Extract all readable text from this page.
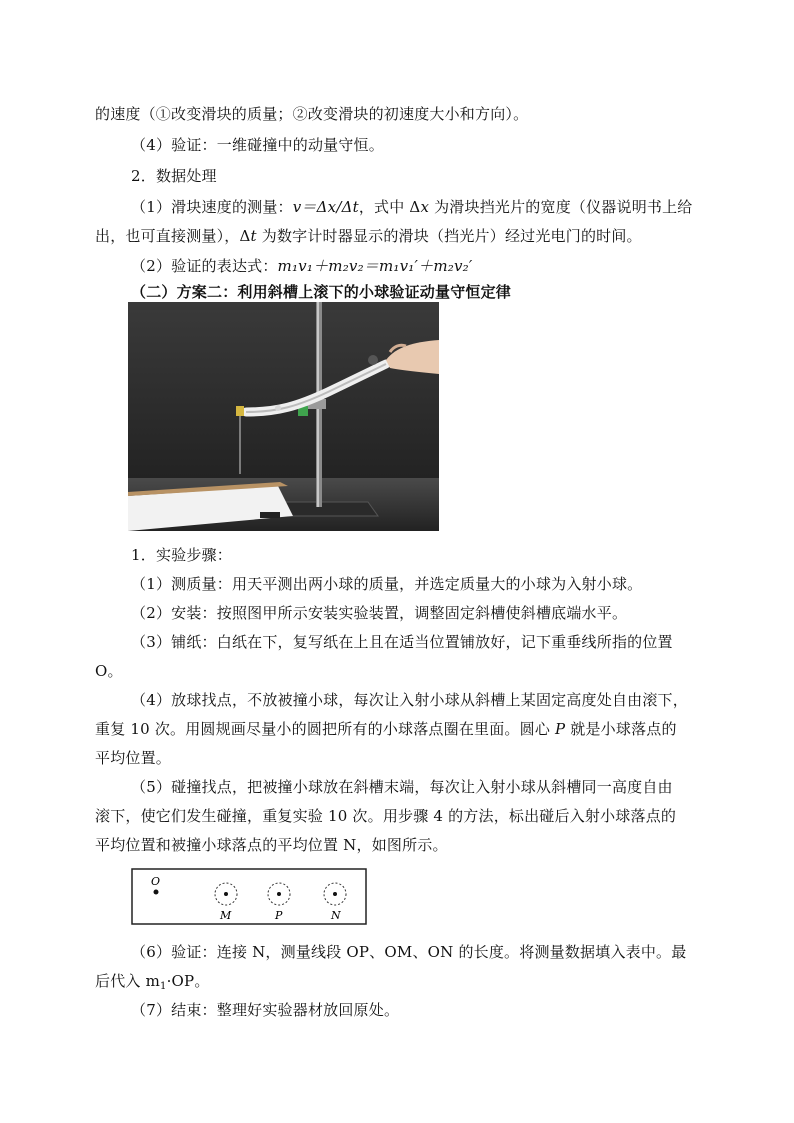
的速度（①改变滑块的质量；②改变滑块的初速度大小和方向）。
（4）验证：一维碰撞中的动量守恒。
2．数据处理
（1）滑块速度的测量：v＝Δx/Δt，式中 Δx 为滑块挡光片的宽度（仪器说明书上给
出，也可直接测量），Δt 为数字计时器显示的滑块（挡光片）经过光电门的时间。
（2）验证的表达式：m₁v₁＋m₂v₂＝m₁v₁′＋m₂v₂′
（二）方案二：利用斜槽上滚下的小球验证动量守恒定律
1．实验步骤：
（1）测质量：用天平测出两小球的质量，并选定质量大的小球为入射小球。
（2）安装：按照图甲所示安装实验装置，调整固定斜槽使斜槽底端水平。
（3）铺纸：白纸在下，复写纸在上且在适当位置铺放好，记下重垂线所指的位置
O。
（4）放球找点，不放被撞小球，每次让入射小球从斜槽上某固定高度处自由滚下，
重复 10 次。用圆规画尽量小的圆把所有的小球落点圈在里面。圆心 P 就是小球落点的
平均位置。
（5）碰撞找点，把被撞小球放在斜槽末端，每次让入射小球从斜槽同一高度自由
滚下，使它们发生碰撞，重复实验 10 次。用步骤 4 的方法，标出碰后入射小球落点的
平均位置和被撞小球落点的平均位置 N，如图所示。
O
M	P	N
（6）验证：连接 N，测量线段 OP、OM、ON 的长度。将测量数据填入表中。最
后代入 $m_1\cdot OP$。
（7）结束：整理好实验器材放回原处。
